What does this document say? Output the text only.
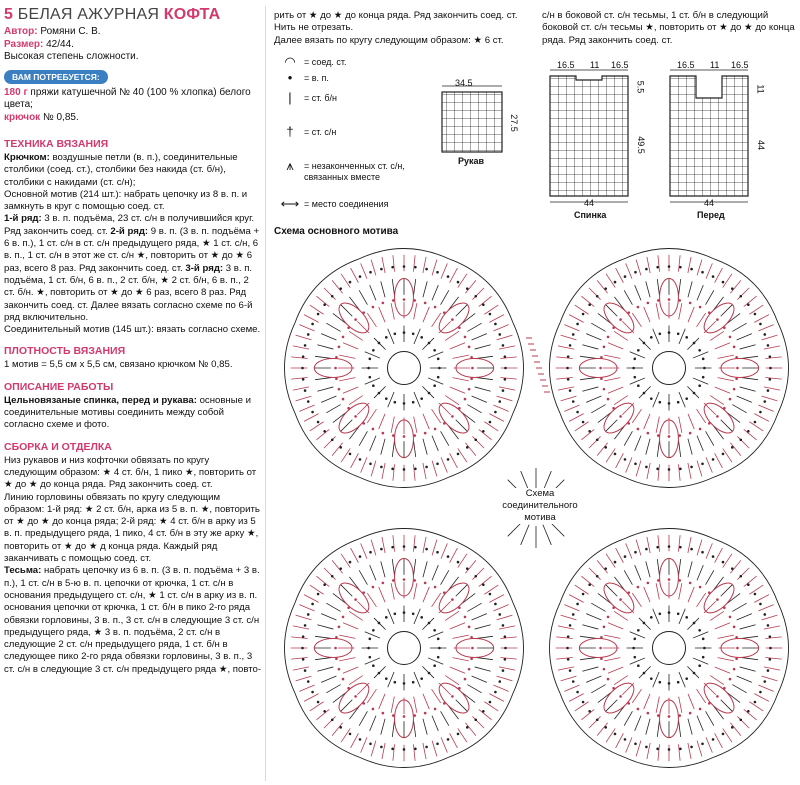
5 БЕЛАЯ АЖУРНАЯ КОФТА
Автор: Ромяни С. В.
Размер: 42/44.
Высокая степень сложности.
ВАМ ПОТРЕБУЕТСЯ:
180 г пряжи катушечной № 40 (100 % хлопка) белого цвета;
крючок № 0,85.
ТЕХНИКА ВЯЗАНИЯ

Крючком: воздушные петли (в. п.), соединительные столбики (соед. ст.), столбики без накида (ст. б/н), столбики с накидами (ст. с/н);

Основной мотив (214 шт.): набрать цепочку из 8 в. п. и замкнуть в круг с помощью соед. ст.

1-й ряд: 3 в. п. подъёма, 23 ст. с/н в получившийся круг. Ряд закончить соед. ст. 2-й ряд: 9 в. п. (3 в. п. подъёма + 6 в. п.), 1 ст. с/н в ст. с/н предыдущего ряда, ★ 1 ст. с/н, 6 в. п., 1 ст. с/н в этот же ст. с/н ★, повторить от ★ до ★ 6 раз, всего 8 раз. Ряд закончить соед. ст. 3-й ряд: 3 в. п. подъёма, 1 ст. б/н, 6 в. п., 2 ст. б/н, ★ 2 ст. б/н, 6 в. п., 2 ст. б/н. ★, повторить от ★ до ★ 6 раз, всего 8 раз. Ряд закончить соед. ст. Далее вязать согласно схеме по 6-й ряд включительно.

Соединительный мотив (145 шт.): вязать согласно схеме.

ПЛОТНОСТЬ ВЯЗАНИЯ

1 мотив = 5,5 см х 5,5 см, связано крючком № 0,85.

ОПИСАНИЕ РАБОТЫ

Цельновязаные спинка, перед и рукава: основные и соединительные мотивы соединить между собой согласно схеме и фото.

СБОРКА И ОТДЕЛКА

Низ рукавов и низ кофточки обвязать по кругу следующим образом: ★ 4 ст. б/н, 1 пико ★, повторить от ★ до ★ до конца ряда. Ряд закончить соед. ст.

Линию горловины обвязать по кругу следующим образом: 1-й ряд: ★ 2 ст. б/н, арка из 5 в. п. ★, повторить от ★ до ★ до конца ряда; 2-й ряд: ★ 4 ст. б/н в арку из 5 в. п. предыдущего ряда, 1 пико, 4 ст. б/н в эту же арку ★, повторить от ★ до ★ д конца ряда. Каждый ряд заканчивать с помощью соед. ст.

Тесьма: набрать цепочку из 6 в. п. (3 в. п. подъёма + 3 в. п.), 1 ст. с/н в 5-ю в. п. цепочки от крючка, 1 ст. с/н в основания предыдущего ст. с/н, ★ 1 ст. с/н в арку из в. п. основания цепочки от крючка, 1 ст. б/н в пико 2-го ряда обвязки горловины, 3 в. п., 3 ст. с/н в следующие 3 ст. с/н предыдущего ряда, ★ 3 в. п. подъёма, 2 ст. с/н в следующие 2 ст. с/н предыдущего ряда, 1 ст. б/н в следующее пико 2-го ряда обвязки горловины, 3 в. п., 3 ст. с/н в следующие 3 ст. с/н предыдущего ряда ★, повто-

рить от ★ до ★ до конца ряда. Ряд закончить соед. ст. Нить не отрезать.
Далее вязать по кругу следующим образом: ★ 6 ст.
с/н в боковой ст. с/н тесьмы, 1 ст. б/н в следующий боковой ст. с/н тесьмы ★, повторить от ★ до ★ до конца ряда. Ряд закончить соед. ст.
◠ = соед. ст.
•	= в. п.
|	= ст. б/н
†	= ст. с/н
⩚	= незаконченных ст. с/н,
связанных вместе
⟷ = место соединения
34.5
27.5
Рукав
16.5 11 16.5
5.5
49.5
44
Спинка
16.5 11 16.5
11
44
44
Перед
Схема основного мотива
Схема соединительного мотива
